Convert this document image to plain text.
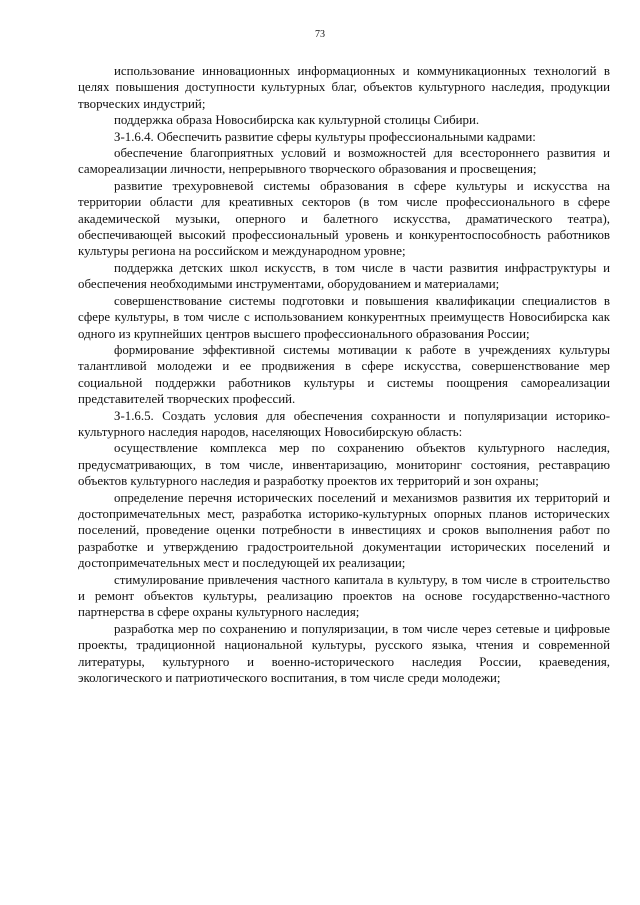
73

использование инновационных информационных и коммуникационных технологий в целях повышения доступности культурных благ, объектов культурного наследия, продукции творческих индустрий;

поддержка образа Новосибирска как культурной столицы Сибири.

З-1.6.4. Обеспечить развитие сферы культуры профессиональными кадрами:

обеспечение благоприятных условий и возможностей для всестороннего развития и самореализации личности, непрерывного творческого образования и просвещения;

развитие трехуровневой системы образования в сфере культуры и искусства на территории области для креативных секторов (в том числе профессионального в сфере академической музыки, оперного и балетного искусства, драматического театра), обеспечивающей высокий профессиональный уровень и конкурентоспособность работников культуры региона на российском и международном уровне;

поддержка детских школ искусств, в том числе в части развития инфраструктуры и обеспечения необходимыми инструментами, оборудованием и материалами;

совершенствование системы подготовки и повышения квалификации специалистов в сфере культуры, в том числе с использованием конкурентных преимуществ Новосибирска как одного из крупнейших центров высшего профессионального образования России;

формирование эффективной системы мотивации к работе в учреждениях культуры талантливой молодежи и ее продвижения в сфере искусства, совершенствование мер социальной поддержки работников культуры и системы поощрения самореализации представителей творческих профессий.

З-1.6.5. Создать условия для обеспечения сохранности и популяризации историко-культурного наследия народов, населяющих Новосибирскую область:

осуществление комплекса мер по сохранению объектов культурного наследия, предусматривающих, в том числе, инвентаризацию, мониторинг состояния, реставрацию объектов культурного наследия и разработку проектов их территорий и зон охраны;

определение перечня исторических поселений и механизмов развития их территорий и достопримечательных мест, разработка историко-культурных опорных планов исторических поселений, проведение оценки потребности в инвестициях и сроков выполнения работ по разработке и утверждению градостроительной документации исторических поселений и достопримечательных мест и последующей их реализации;

стимулирование привлечения частного капитала в культуру, в том числе в строительство и ремонт объектов культуры, реализацию проектов на основе государственно-частного партнерства в сфере охраны культурного наследия;

разработка мер по сохранению и популяризации, в том числе через сетевые и цифровые проекты, традиционной национальной культуры, русского языка, чтения и современной литературы, культурного и военно-исторического наследия России, краеведения, экологического и патриотического воспитания, в том числе среди молодежи;
